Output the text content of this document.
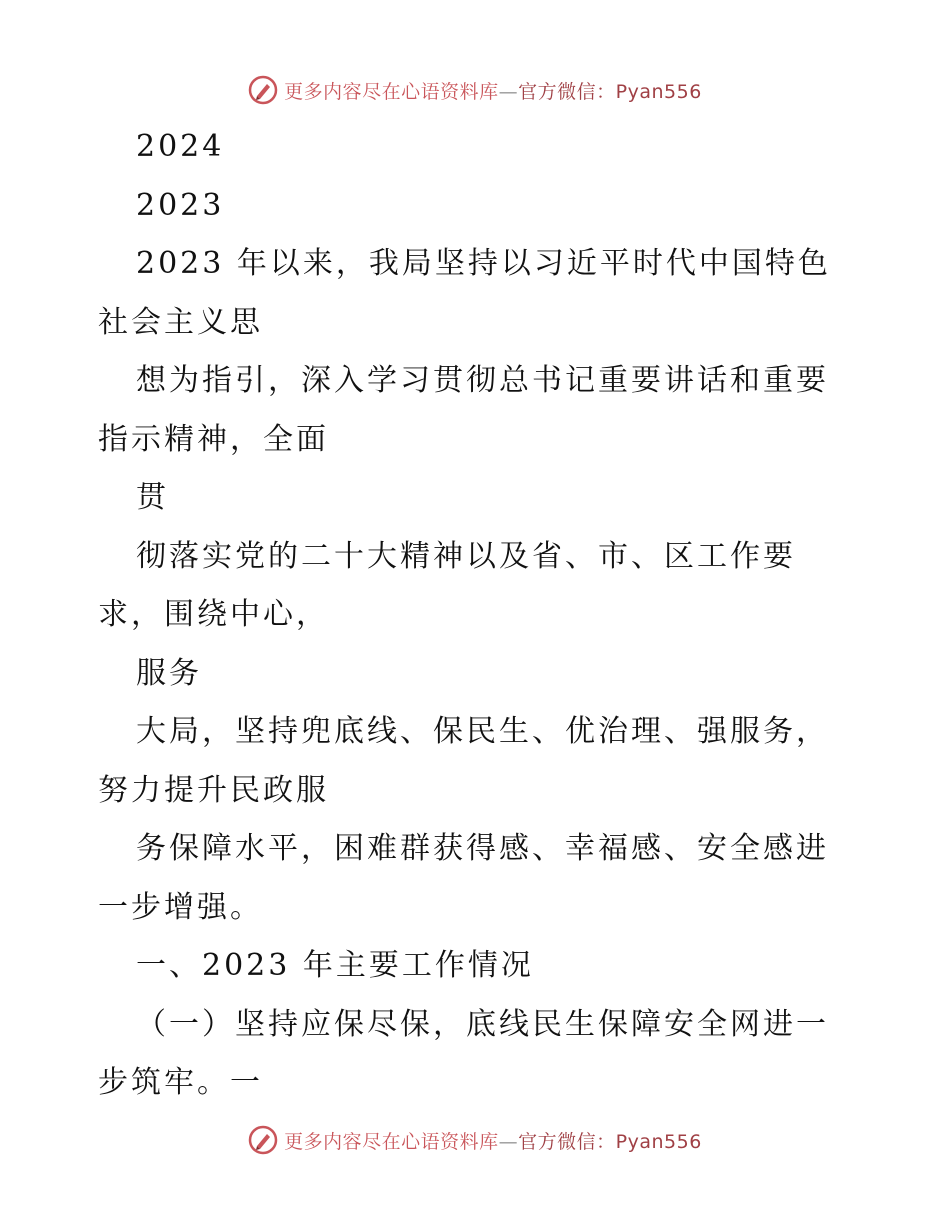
更多内容尽在心语资料库—官方微信：Pyan556
2024
2023
2023 年以来，我局坚持以习近平时代中国特色
社会主义思
想为指引，深入学习贯彻总书记重要讲话和重要
指示精神，全面
贯
彻落实党的二十大精神以及省、市、区工作要
求，围绕中心，
服务
大局，坚持兜底线、保民生、优治理、强服务，
努力提升民政服
务保障水平，困难群获得感、幸福感、安全感进
一步增强。
一、2023 年主要工作情况
（一）坚持应保尽保，底线民生保障安全网进一
步筑牢。一
更多内容尽在心语资料库—官方微信：Pyan556
